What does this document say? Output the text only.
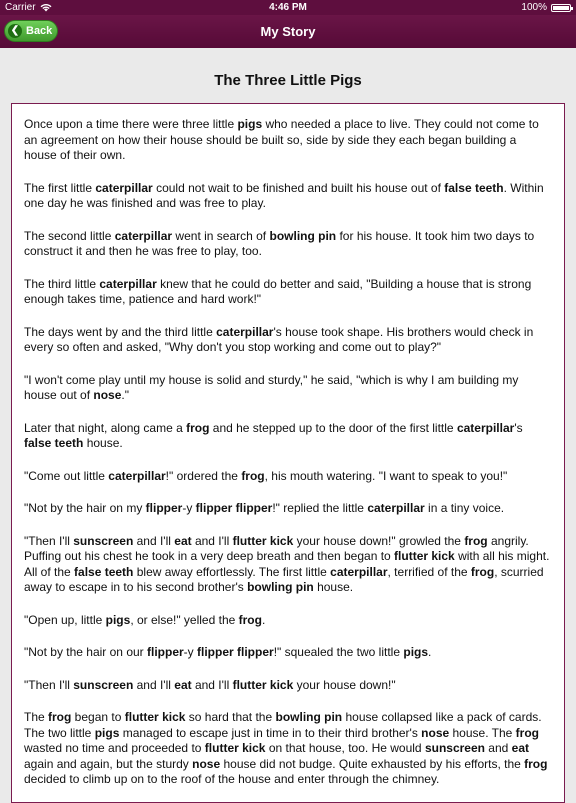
Carrier	4:46 PM	100%
My Story
❮ Back
The Three Little Pigs

Once upon a time there were three little pigs who needed a place to live. They could not come to an agreement on how their house should be built so, side by side they each began building a house of their own.

The first little caterpillar could not wait to be finished and built his house out of false teeth. Within one day he was finished and was free to play.

The second little caterpillar went in search of bowling pin for his house. It took him two days to construct it and then he was free to play, too.

The third little caterpillar knew that he could do better and said, "Building a house that is strong enough takes time, patience and hard work!"

The days went by and the third little caterpillar's house took shape. His brothers would check in every so often and asked, "Why don't you stop working and come out to play?"

"I won't come play until my house is solid and sturdy," he said, "which is why I am building my house out of nose."

Later that night, along came a frog and he stepped up to the door of the first little caterpillar's false teeth house.

"Come out little caterpillar!" ordered the frog, his mouth watering. "I want to speak to you!"

"Not by the hair on my flipper-y flipper flipper!" replied the little caterpillar in a tiny voice.

"Then I'll sunscreen and I'll eat and I'll flutter kick your house down!" growled the frog angrily. Puffing out his chest he took in a very deep breath and then began to flutter kick with all his might. All of the false teeth blew away effortlessly. The first little caterpillar, terrified of the frog, scurried away to escape in to his second brother's bowling pin house.

"Open up, little pigs, or else!" yelled the frog.

"Not by the hair on our flipper-y flipper flipper!" squealed the two little pigs.

"Then I'll sunscreen and I'll eat and I'll flutter kick your house down!"

The frog began to flutter kick so hard that the bowling pin house collapsed like a pack of cards. The two little pigs managed to escape just in time in to their third brother's nose house. The frog wasted no time and proceeded to flutter kick on that house, too. He would sunscreen and eat again and again, but the sturdy nose house did not budge. Quite exhausted by his efforts, the frog decided to climb up on to the roof of the house and enter through the chimney.
